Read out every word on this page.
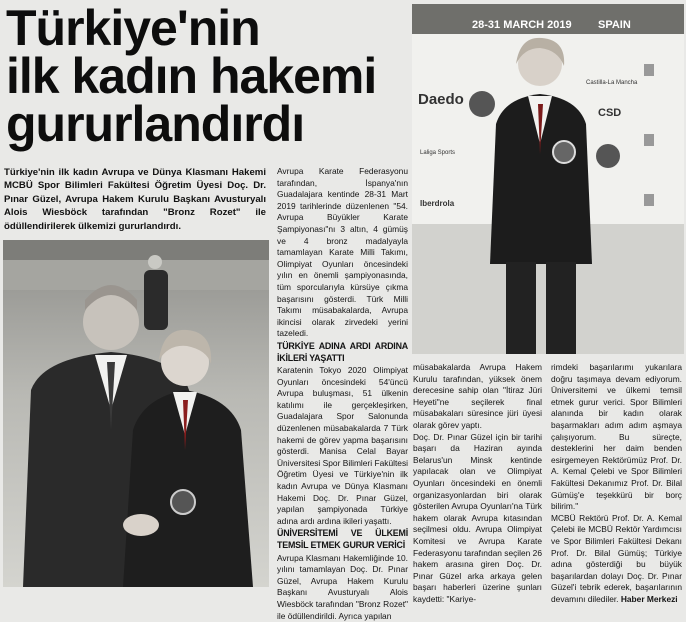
Türkiye'nin
ilk kadın hakemi
gururlandırdı

Türkiye'nin ilk kadın Avrupa ve Dünya Klasmanı Hakemi MCBÜ Spor Bilimleri Fakültesi Öğretim Üyesi Doç. Dr. Pınar Güzel, Avrupa Hakem Kurulu Başkanı Avusturyalı Alois Wiesböck tarafından "Bronz Rozet" ile ödüllendirilerek ülkemizi gururlandırdı.

28-31 MARCH 2019 SPAIN
Daedo
Castilla-La Mancha
CSD
Iberdrola
Laliga Sports

Avrupa Karate Federasyonu tarafından, İspanya'nın Guadalajara kentinde 28-31 Mart 2019 tarihlerinde düzenlenen "54. Avrupa Büyükler Karate Şampiyonası"nı 3 altın, 4 gümüş ve 4 bronz madalyayla tamamlayan Karate Milli Takımı, Olimpiyat Oyunları öncesindeki yılın en önemli şampiyonasında, tüm sporcularıyla kürsüye çıkma başarısını gösterdi. Türk Milli Takımı müsabakalarda, Avrupa ikincisi olarak zirvedeki yerini tazeledi.

TÜRKİYE ADINA ARDI ARDINA İKİLERİ YAŞATTI

Karatenin Tokyo 2020 Olimpiyat Oyunları öncesindeki 54'üncü Avrupa buluşması, 51 ülkenin katılımı ile gerçekleşirken, Guadalajara Spor Salonunda düzenlenen müsabakalarda 7 Türk hakemi de görev yapma başarısını gösterdi. Manisa Celal Bayar Üniversitesi Spor Bilimleri Fakültesi Öğretim Üyesi ve Türkiye'nin ilk kadın Avrupa ve Dünya Klasmanı Hakemi Doç. Dr. Pınar Güzel, yapılan şampiyonada Türkiye adına ardı ardına ikileri yaşattı.

ÜNİVERSİTEMİ VE ÜLKEMİ TEMSİL ETMEK GURUR VERİCİ

Avrupa Klasmanı Hakemliğinde 10. yılını tamamlayan Doç. Dr. Pınar Güzel, Avrupa Hakem Kurulu Başkanı Avusturyalı Alois Wiesböck tarafından "Bronz Rozet" ile ödüllendirildi. Ayrıca yapılan

müsabakalarda Avrupa Hakem Kurulu tarafından, yüksek önem derecesine sahip olan "İtiraz Jüri Heyeti"ne seçilerek final müsabakaları süresince jüri üyesi olarak görev yaptı.

Doç. Dr. Pınar Güzel için bir tarihi başarı da Haziran ayında Belarus'un Minsk kentinde yapılacak olan ve Olimpiyat Oyunları öncesindeki en önemli organizasyonlardan biri olarak gösterilen Avrupa Oyunları'na Türk hakem olarak Avrupa kıtasından seçilmesi oldu. Avrupa Olimpiyat Komitesi ve Avrupa Karate Federasyonu tarafından seçilen 26 hakem arasına giren Doç. Dr. Pınar Güzel arka arkaya gelen başarı haberleri üzerine şunları kaydetti: "Kariye-

rimdeki başarılarımı yukarılara doğru taşımaya devam ediyorum. Üniversitemi ve ülkemi temsil etmek gurur verici. Spor Bilimleri alanında bir kadın olarak başarmakları adım adım aşmaya çalışıyorum. Bu süreçte, desteklerini her daim benden esirgemeyen Rektörümüz Prof. Dr. A. Kemal Çelebi ve Spor Bilimleri Fakültesi Dekanımız Prof. Dr. Bilal Gümüş'e teşekkürü bir borç bilirim."

MCBÜ Rektörü Prof. Dr. A. Kemal Çelebi ile MCBÜ Rektör Yardımcısı ve Spor Bilimleri Fakültesi Dekanı Prof. Dr. Bilal Gümüş; Türkiye adına gösterdiği bu büyük başarılardan dolayı Doç. Dr. Pınar Güzel'i tebrik ederek, başarılarının devamını dilediler. Haber Merkezi
